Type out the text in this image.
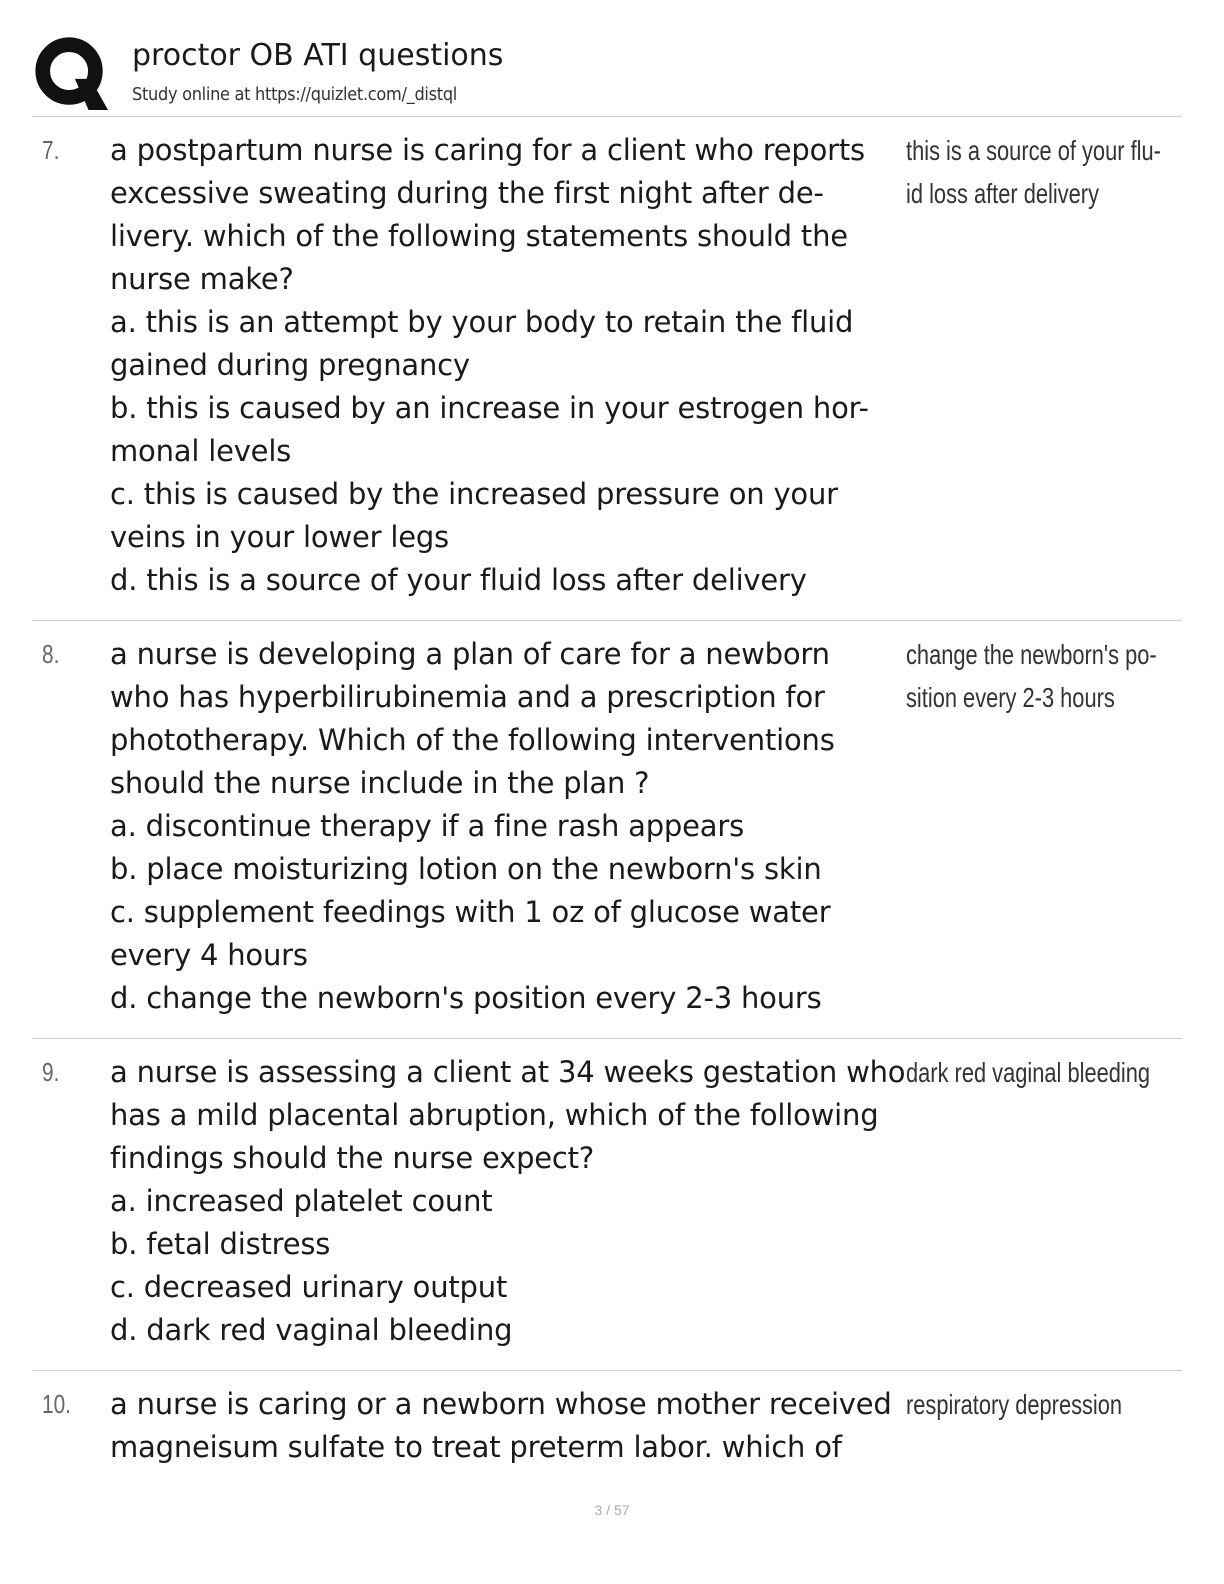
proctor OB ATI questions
Study online at https://quizlet.com/_distql
7. a postpartum nurse is caring for a client who reports
excessive sweating during the first night after de-
livery. which of the following statements should the
nurse make?
a. this is an attempt by your body to retain the fluid
gained during pregnancy
b. this is caused by an increase in your estrogen hor-
monal levels
c. this is caused by the increased pressure on your
veins in your lower legs
d. this is a source of your fluid loss after delivery
this is a source of your flu-
id loss after delivery
8. a nurse is developing a plan of care for a newborn
who has hyperbilirubinemia and a prescription for
phototherapy. Which of the following interventions
should the nurse include in the plan ?
a. discontinue therapy if a fine rash appears
b. place moisturizing lotion on the newborn's skin
c. supplement feedings with 1 oz of glucose water
every 4 hours
d. change the newborn's position every 2-3 hours
change the newborn's po-
sition every 2-3 hours
9. a nurse is assessing a client at 34 weeks gestation who
has a mild placental abruption, which of the following
findings should the nurse expect?
a. increased platelet count
b. fetal distress
c. decreased urinary output
d. dark red vaginal bleeding
dark red vaginal bleeding
10. a nurse is caring or a newborn whose mother received
magneisum sulfate to treat preterm labor. which of
respiratory depression
3 / 57
